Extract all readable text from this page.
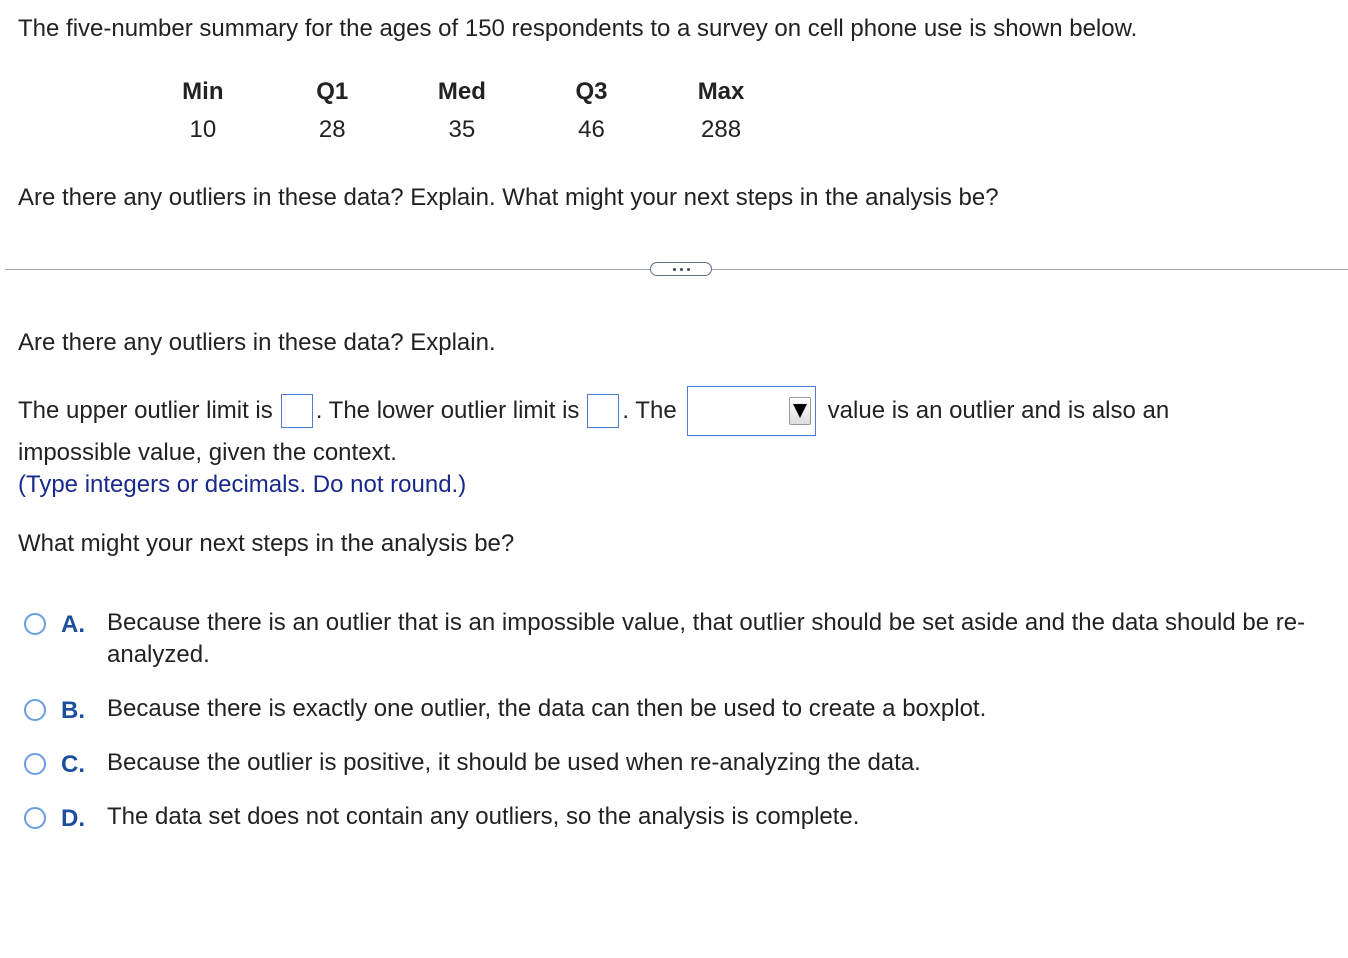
The five-number summary for the ages of 150 respondents to a survey on cell phone use is shown below.
Min	Q1	Med	Q3	Max
10	28	35	46	288
Are there any outliers in these data? Explain. What might your next steps in the analysis be?
Are there any outliers in these data? Explain.
The upper outlier limit is . The lower outlier limit is . The	value is an outlier and is also an
impossible value, given the context.
(Type integers or decimals. Do not round.)
What might your next steps in the analysis be?
A. Because there is an outlier that is an impossible value, that outlier should be set aside and the data should be re-analyzed.
B. Because there is exactly one outlier, the data can then be used to create a boxplot.
C. Because the outlier is positive, it should be used when re-analyzing the data.
D. The data set does not contain any outliers, so the analysis is complete.
